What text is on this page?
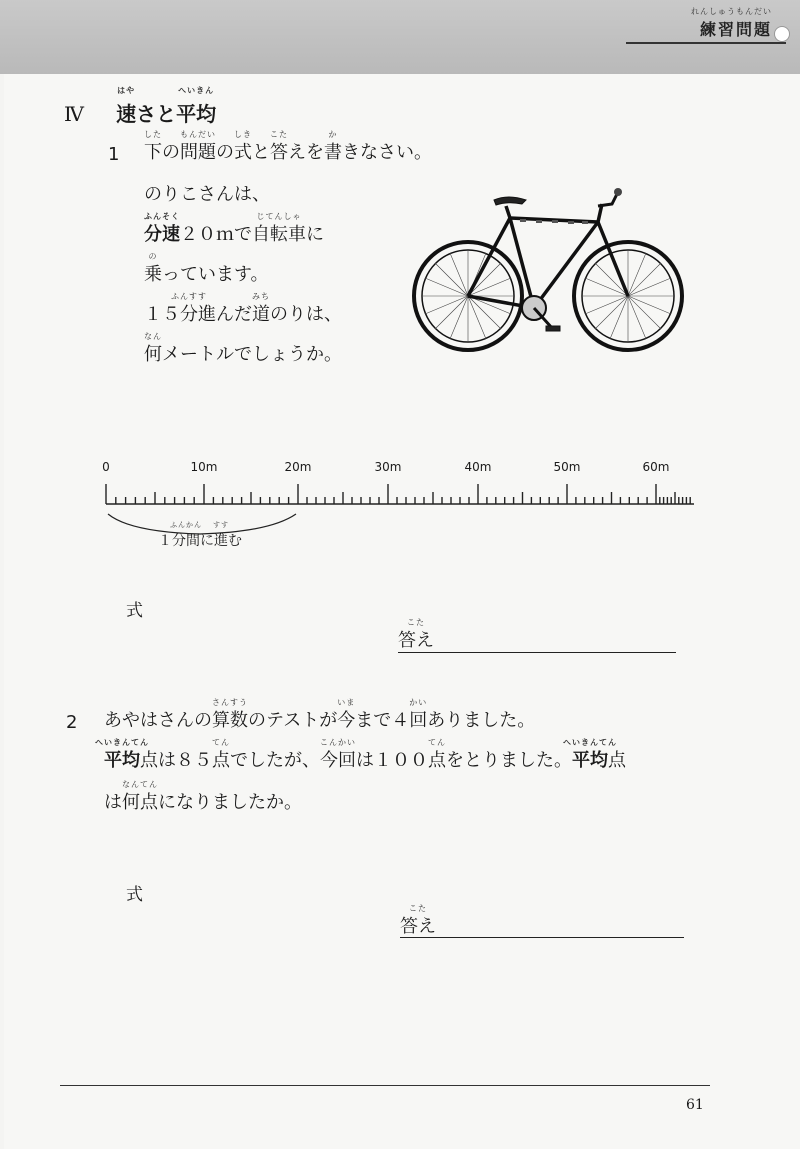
れんしゅうもんだい
練習問題
Ⅳ
はや
速さと
へいきん
平均
1
した
下の
もんだい
問題の
しき
式と
こた
答えを
か
書きなさい。
のりこさんは、
ふんそく
分速２０ｍで
じてんしゃ
自転車に
の
乗っています。
１５
ふんすす
分進んだ
みち
道のりは、
なん
何メートルでしょうか。
0	10m	20m	30m	40m	50m	60m
１
ふんかん
分間に
すす
進む
式
こた
答え
2 あやはさんの
さんすう
算数のテストが
いま
今まで４
かい
回ありました。
へいきんてん
平均点は８５
てん
点でしたが、
こんかい
今回は１００
てん
点をとりました。
へいきんてん
平均点
は
なんてん
何点になりましたか。
式
こた
答え
61
